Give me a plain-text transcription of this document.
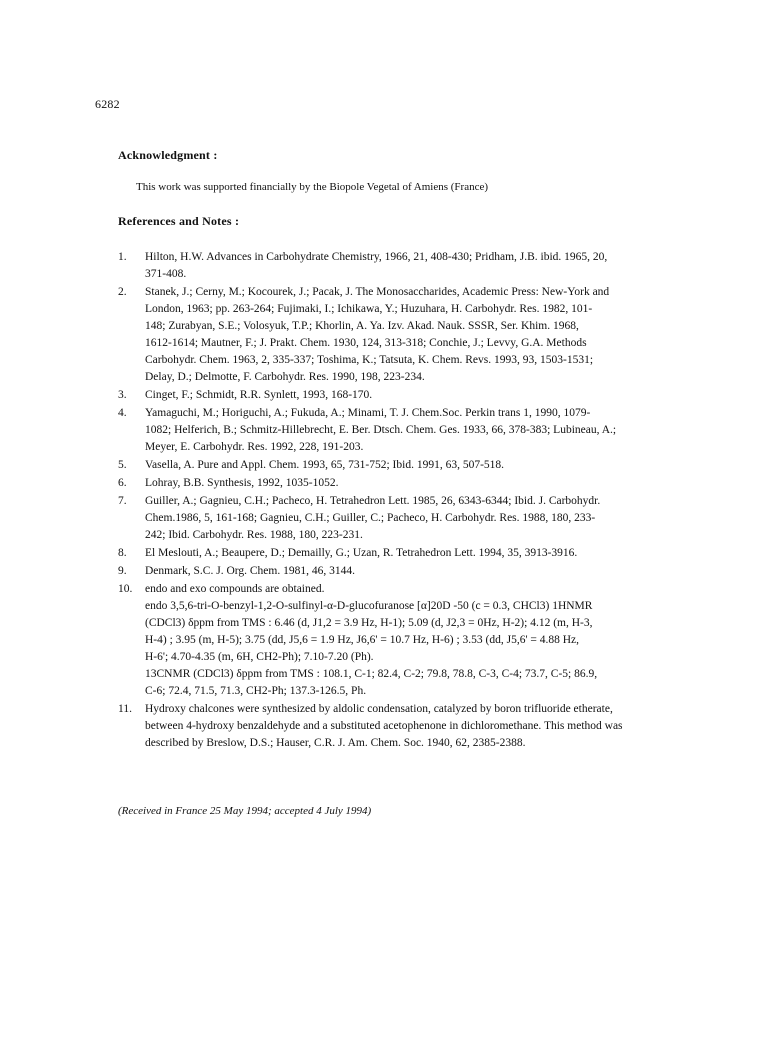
6282
Acknowledgment :
This work was supported financially by the Biopole Vegetal of Amiens (France)
References and Notes :
1.	Hilton, H.W. Advances in Carbohydrate Chemistry, 1966, 21, 408-430; Pridham, J.B. ibid. 1965, 20,
371-408.
2.	Stanek, J.; Cerny, M.; Kocourek, J.; Pacak, J. The Monosaccharides, Academic Press: New-York and
London, 1963; pp. 263-264; Fujimaki, I.; Ichikawa, Y.; Huzuhara, H. Carbohydr. Res. 1982, 101-
148; Zurabyan, S.E.; Volosyuk, T.P.; Khorlin, A. Ya. Izv. Akad. Nauk. SSSR, Ser. Khim. 1968,
1612-1614; Mautner, F.; J. Prakt. Chem. 1930, 124, 313-318; Conchie, J.; Levvy, G.A. Methods
Carbohydr. Chem. 1963, 2, 335-337; Toshima, K.; Tatsuta, K. Chem. Revs. 1993, 93, 1503-1531;
Delay, D.; Delmotte, F. Carbohydr. Res. 1990, 198, 223-234.
3.	Cinget, F.; Schmidt, R.R. Synlett, 1993, 168-170.
4.	Yamaguchi, M.; Horiguchi, A.; Fukuda, A.; Minami, T. J. Chem.Soc. Perkin trans 1, 1990, 1079-
1082; Helferich, B.; Schmitz-Hillebrecht, E. Ber. Dtsch. Chem. Ges. 1933, 66, 378-383; Lubineau, A.;
Meyer, E. Carbohydr. Res. 1992, 228, 191-203.
5.	Vasella, A. Pure and Appl. Chem. 1993, 65, 731-752; Ibid. 1991, 63, 507-518.
6.	Lohray, B.B. Synthesis, 1992, 1035-1052.
7.	Guiller, A.; Gagnieu, C.H.; Pacheco, H. Tetrahedron Lett. 1985, 26, 6343-6344; Ibid. J. Carbohydr.
Chem.1986, 5, 161-168; Gagnieu, C.H.; Guiller, C.; Pacheco, H. Carbohydr. Res. 1988, 180, 233-
242; Ibid. Carbohydr. Res. 1988, 180, 223-231.
8.	El Meslouti, A.; Beaupere, D.; Demailly, G.; Uzan, R. Tetrahedron Lett. 1994, 35, 3913-3916.
9.	Denmark, S.C. J. Org. Chem. 1981, 46, 3144.
10.	endo and exo compounds are obtained.
endo 3,5,6-tri-O-benzyl-1,2-O-sulfinyl-α-D-glucofuranose [α]20D -50 (c = 0.3, CHCl3) 1HNMR
(CDCl3) δppm from TMS : 6.46 (d, J1,2 = 3.9 Hz, H-1); 5.09 (d, J2,3 = 0Hz, H-2); 4.12 (m, H-3,
H-4) ; 3.95 (m, H-5); 3.75 (dd, J5,6 = 1.9 Hz, J6,6' = 10.7 Hz, H-6) ; 3.53 (dd, J5,6' = 4.88 Hz,
H-6'; 4.70-4.35 (m, 6H, CH2-Ph); 7.10-7.20 (Ph).
13CNMR (CDCl3) δppm from TMS : 108.1, C-1; 82.4, C-2; 79.8, 78.8, C-3, C-4; 73.7, C-5; 86.9,
C-6; 72.4, 71.5, 71.3, CH2-Ph; 137.3-126.5, Ph.
11.	Hydroxy chalcones were synthesized by aldolic condensation, catalyzed by boron trifluoride etherate,
between 4-hydroxy benzaldehyde and a substituted acetophenone in dichloromethane. This method was
described by Breslow, D.S.; Hauser, C.R. J. Am. Chem. Soc. 1940, 62, 2385-2388.
(Received in France 25 May 1994; accepted 4 July 1994)
